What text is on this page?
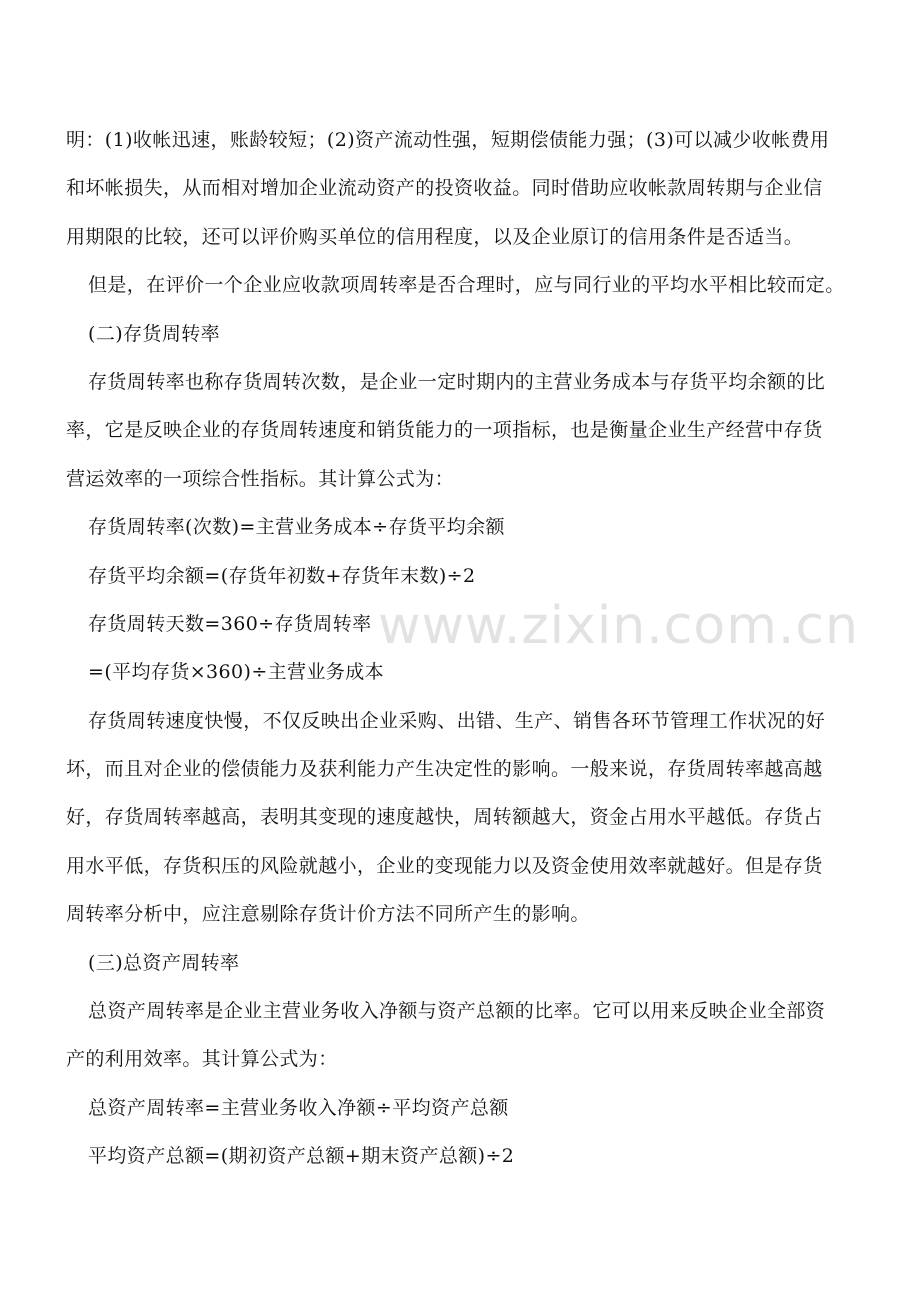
明：(1)收帐迅速，账龄较短；(2)资产流动性强，短期偿债能力强；(3)可以减少收帐费用
和坏帐损失，从而相对增加企业流动资产的投资收益。同时借助应收帐款周转期与企业信
用期限的比较，还可以评价购买单位的信用程度，以及企业原订的信用条件是否适当。
但是，在评价一个企业应收款项周转率是否合理时，应与同行业的平均水平相比较而定。
(二)存货周转率
存货周转率也称存货周转次数，是企业一定时期内的主营业务成本与存货平均余额的比
率，它是反映企业的存货周转速度和销货能力的一项指标，也是衡量企业生产经营中存货
营运效率的一项综合性指标。其计算公式为：
存货周转率(次数)=主营业务成本÷存货平均余额
存货平均余额=(存货年初数+存货年末数)÷2
存货周转天数=360÷存货周转率
=(平均存货×360)÷主营业务成本
存货周转速度快慢，不仅反映出企业采购、出错、生产、销售各环节管理工作状况的好
坏，而且对企业的偿债能力及获利能力产生决定性的影响。一般来说，存货周转率越高越
好，存货周转率越高，表明其变现的速度越快，周转额越大，资金占用水平越低。存货占
用水平低，存货积压的风险就越小，企业的变现能力以及资金使用效率就越好。但是存货
周转率分析中，应注意剔除存货计价方法不同所产生的影响。
(三)总资产周转率
总资产周转率是企业主营业务收入净额与资产总额的比率。它可以用来反映企业全部资
产的利用效率。其计算公式为：
总资产周转率=主营业务收入净额÷平均资产总额
平均资产总额=(期初资产总额+期末资产总额)÷2
www.zixin.com.cn
